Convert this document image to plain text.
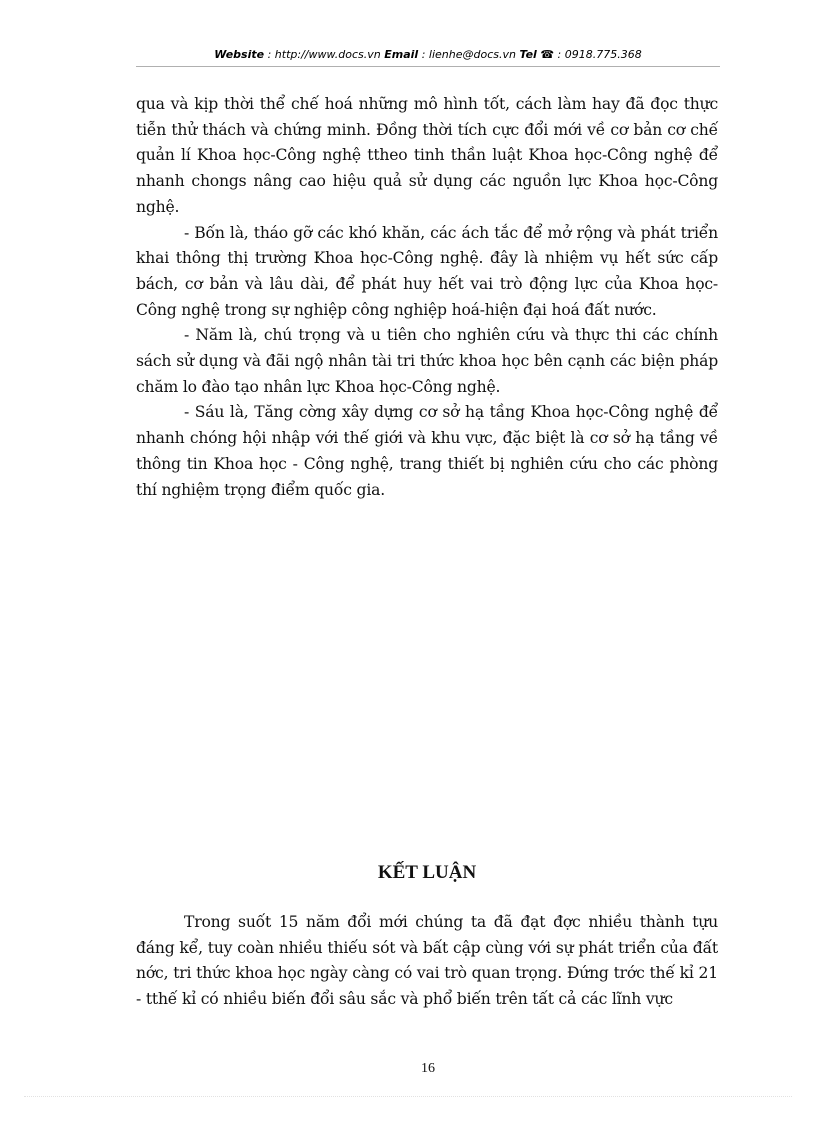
Website : http://www.docs.vn Email : lienhe@docs.vn Tel ☎ : 0918.775.368

qua và kịp thời thể chế hoá những mô hình tốt, cách làm hay đã đọc thực tiễn thử thách và chứng minh. Đồng thời tích cực đổi mới về cơ bản cơ chế quản lí Khoa học-Công nghệ ttheo tinh thần luật Khoa học-Công nghệ để nhanh chongs nâng cao hiệu quả sử dụng các nguồn lực Khoa học-Công nghệ.

- Bốn là, tháo gỡ các khó khăn, các ách tắc để mở rộng và phát triển khai thông thị trường Khoa học-Công nghệ. đây là nhiệm vụ hết sức cấp bách, cơ bản và lâu dài, để phát huy hết vai trò động lực của Khoa học-Công nghệ trong sự nghiệp công nghiệp hoá-hiện đại hoá đất nước.

- Năm là, chú trọng và u tiên cho nghiên cứu và thực thi các chính sách sử dụng và đãi ngộ nhân tài tri thức khoa học bên cạnh các biện pháp chăm lo đào tạo nhân lực Khoa học-Công nghệ.

- Sáu là, Tăng cờng xây dựng cơ sở hạ tầng Khoa học-Công nghệ để nhanh chóng hội nhập với thế giới và khu vực, đặc biệt là cơ sở hạ tầng về thông tin Khoa học - Công nghệ, trang thiết bị nghiên cứu cho các phòng thí nghiệm trọng điểm quốc gia.

KẾT LUẬN

Trong suốt 15 năm đổi mới chúng ta đã đạt đợc nhiều thành tựu đáng kể, tuy coàn nhiều thiếu sót và bất cập cùng với sự phát triển của đất nớc, tri thức khoa học ngày càng có vai trò quan trọng. Đứng trớc thế kỉ 21 - tthế kỉ có nhiều biến đổi sâu sắc và phổ biến trên tất cả các lĩnh vực

16
